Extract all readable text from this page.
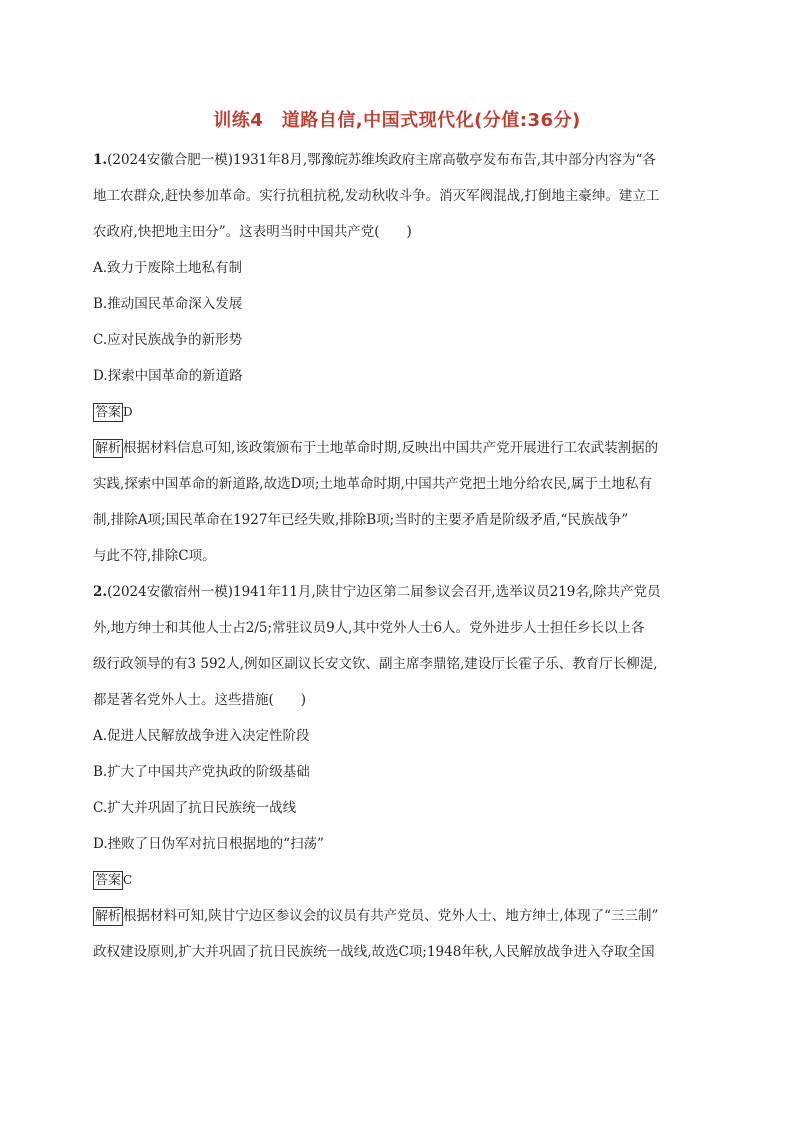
训练4　道路自信,中国式现代化(分值:36分)
1.(2024安徽合肥一模)1931年8月,鄂豫皖苏维埃政府主席高敬亭发布布告,其中部分内容为“各
地工农群众,赶快参加革命。实行抗租抗税,发动秋收斗争。消灭军阀混战,打倒地主豪绅。建立工
农政府,快把地主田分”。这表明当时中国共产党(　　)
A.致力于废除土地私有制
B.推动国民革命深入发展
C.应对民族战争的新形势
D.探索中国革命的新道路
答案 D
解析 根据材料信息可知,该政策颁布于土地革命时期,反映出中国共产党开展进行工农武装割据的
实践,探索中国革命的新道路,故选D项;土地革命时期,中国共产党把土地分给农民,属于土地私有
制,排除A项;国民革命在1927年已经失败,排除B项;当时的主要矛盾是阶级矛盾,“民族战争”
与此不符,排除C项。
2.(2024安徽宿州一模)1941年11月,陕甘宁边区第二届参议会召开,选举议员219名,除共产党员
外,地方绅士和其他人士占2/5;常驻议员9人,其中党外人士6人。党外进步人士担任乡长以上各
级行政领导的有3 592人,例如区副议长安文钦、副主席李鼎铭,建设厅长霍子乐、教育厅长柳湜,
都是著名党外人士。这些措施(　　)
A.促进人民解放战争进入决定性阶段
B.扩大了中国共产党执政的阶级基础
C.扩大并巩固了抗日民族统一战线
D.挫败了日伪军对抗日根据地的“扫荡”
答案 C
解析 根据材料可知,陕甘宁边区参议会的议员有共产党员、党外人士、地方绅士,体现了“三三制”
政权建设原则,扩大并巩固了抗日民族统一战线,故选C项;1948年秋,人民解放战争进入夺取全国
